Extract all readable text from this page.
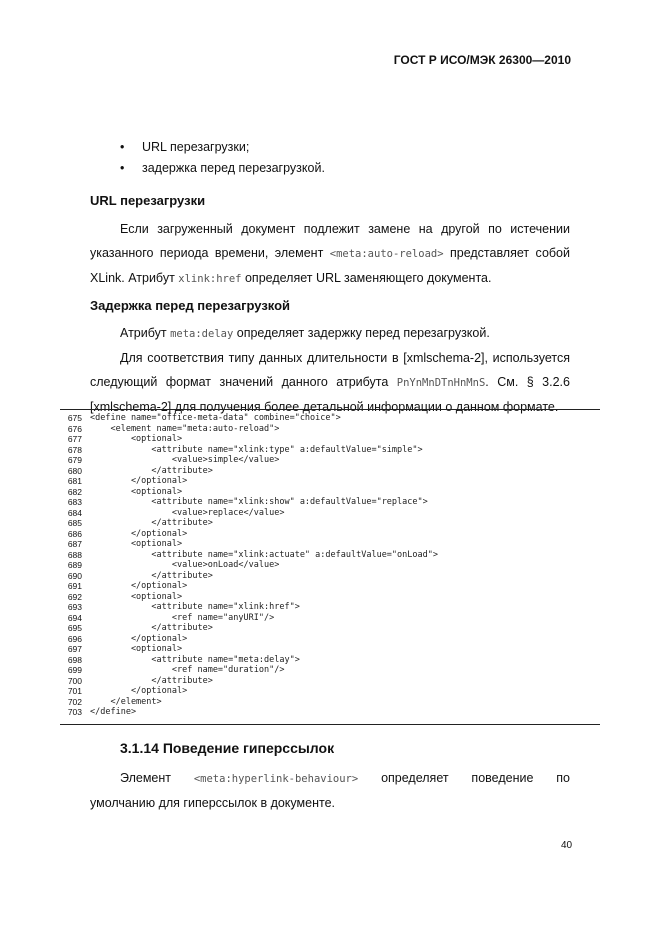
ГОСТ Р ИСО/МЭК 26300—2010
•	URL перезагрузки;
•	задержка перед перезагрузкой.
URL перезагрузки
Если загруженный документ подлежит замене на другой по истечении
указанного периода времени, элемент <meta:auto-reload> представляет собой
XLink. Атрибут xlink:href определяет URL заменяющего документа.
Задержка перед перезагрузкой
Атрибут meta:delay определяет задержку перед перезагрузкой.
Для соответствия типу данных длительности в [xmlschema-2], используется
следующий формат значений данного атрибута PnYnMnDTnHnMnS. См. § 3.2.6
[xmlschema-2] для получения более детальной информации о данном формате.
675
676
677
678
679
680
681
682
683
684
685
686
687
688
689
690
691
692
693
694
695
696
697
698
699
700
701
702
703
<define name="office-meta-data" combine="choice">
<element name="meta:auto-reload">
<optional>
<attribute name="xlink:type" a:defaultValue="simple">
<value>simple</value>
</attribute>
</optional>
<optional>
<attribute name="xlink:show" a:defaultValue="replace">
<value>replace</value>
</attribute>
</optional>
<optional>
<attribute name="xlink:actuate" a:defaultValue="onLoad">
<value>onLoad</value>
</attribute>
</optional>
<optional>
<attribute name="xlink:href">
<ref name="anyURI"/>
</attribute>
</optional>
<optional>
<attribute name="meta:delay">
<ref name="duration"/>
</attribute>
</optional>
</element>
</define>
3.1.14 Поведение гиперссылок
Элемент <meta:hyperlink-behaviour> определяет поведение по
умолчанию для гиперссылок в документе.
40
